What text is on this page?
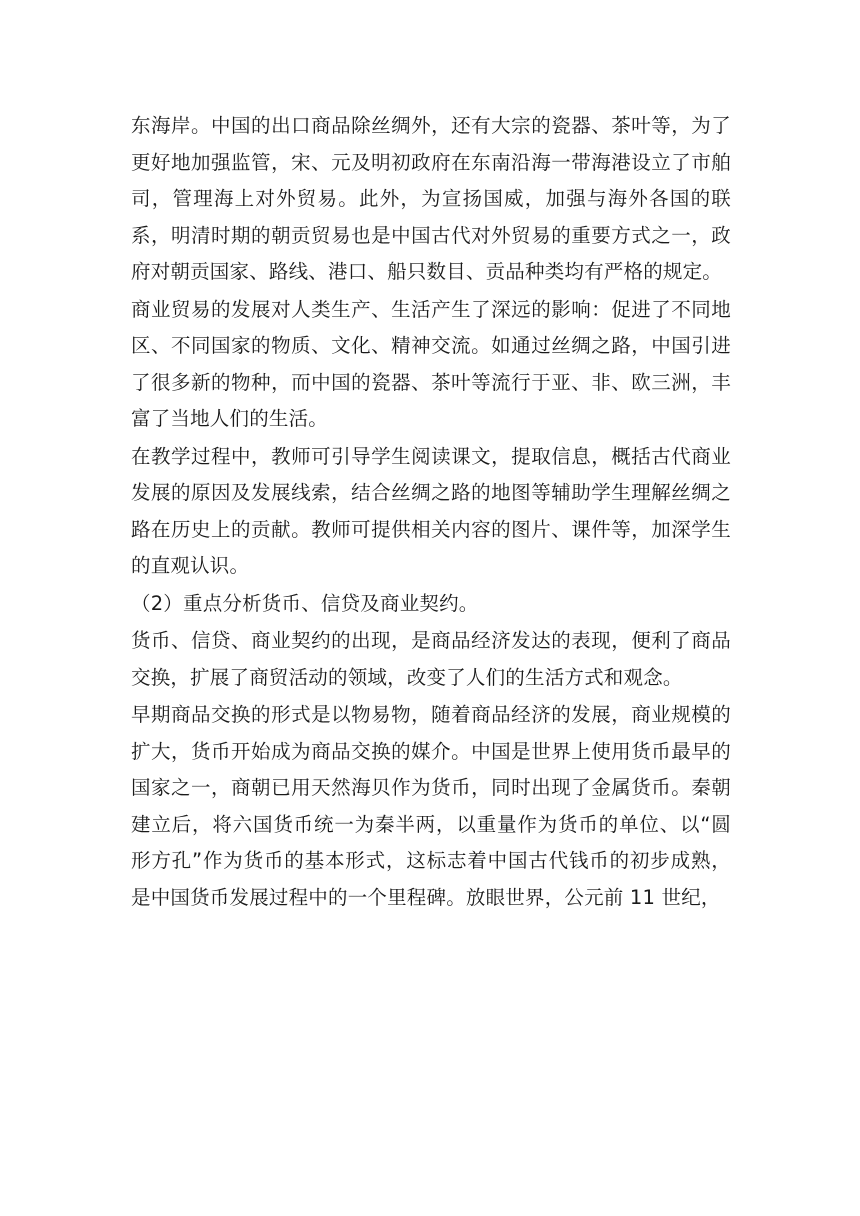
东海岸。中国的出口商品除丝绸外，还有大宗的瓷器、茶叶等，为了更好地加强监管，宋、元及明初政府在东南沿海一带海港设立了市舶司，管理海上对外贸易。此外，为宣扬国威，加强与海外各国的联系，明清时期的朝贡贸易也是中国古代对外贸易的重要方式之一，政府对朝贡国家、路线、港口、船只数目、贡品种类均有严格的规定。

商业贸易的发展对人类生产、生活产生了深远的影响：促进了不同地区、不同国家的物质、文化、精神交流。如通过丝绸之路，中国引进了很多新的物种，而中国的瓷器、茶叶等流行于亚、非、欧三洲，丰富了当地人们的生活。

在教学过程中，教师可引导学生阅读课文，提取信息，概括古代商业发展的原因及发展线索，结合丝绸之路的地图等辅助学生理解丝绸之路在历史上的贡献。教师可提供相关内容的图片、课件等，加深学生的直观认识。

（2）重点分析货币、信贷及商业契约。

货币、信贷、商业契约的出现，是商品经济发达的表现，便利了商品交换，扩展了商贸活动的领域，改变了人们的生活方式和观念。

早期商品交换的形式是以物易物，随着商品经济的发展，商业规模的扩大，货币开始成为商品交换的媒介。中国是世界上使用货币最早的国家之一，商朝已用天然海贝作为货币，同时出现了金属货币。秦朝建立后，将六国货币统一为秦半两，以重量作为货币的单位、以“圆形方孔”作为货币的基本形式，这标志着中国古代钱币的初步成熟，是中国货币发展过程中的一个里程碑。放眼世界，公元前 11 世纪，
